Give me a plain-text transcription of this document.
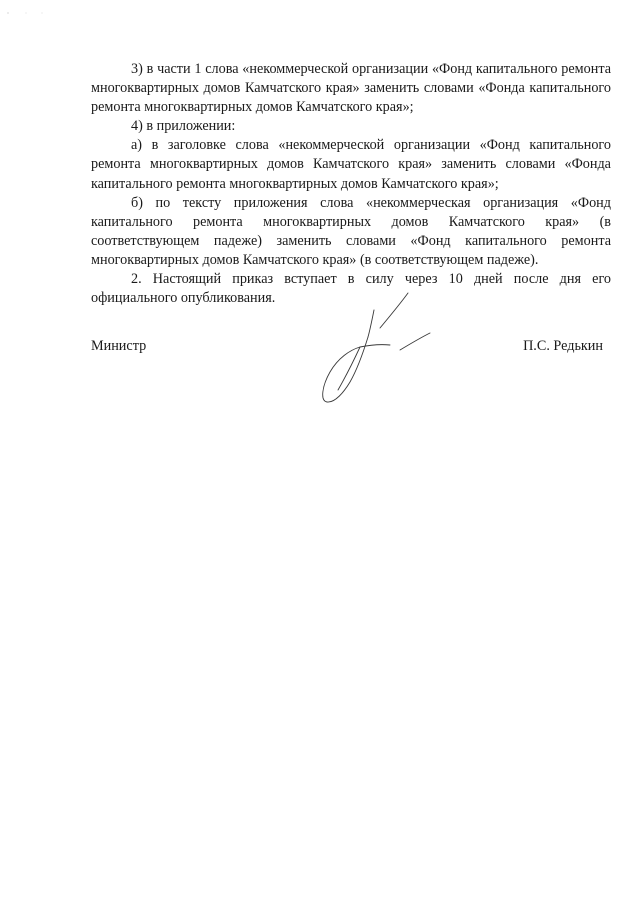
3) в части 1 слова «некоммерческой организации «Фонд капитального ремонта многоквартирных домов Камчатского края» заменить словами «Фонда капитального ремонта многоквартирных домов Камчатского края»;

4) в приложении:

а) в заголовке слова «некоммерческой организации «Фонд капитального ремонта многоквартирных домов Камчатского края» заменить словами «Фонда капитального ремонта многоквартирных домов Камчатского края»;

б) по тексту приложения слова «некоммерческая организация «Фонд капитального ремонта многоквартирных домов Камчатского края» (в соответствующем падеже) заменить словами «Фонд капитального ремонта многоквартирных домов Камчатского края» (в соответствующем падеже).

2. Настоящий приказ вступает в силу через 10 дней после дня его официального опубликования.

Министр	П.С. Редькин
